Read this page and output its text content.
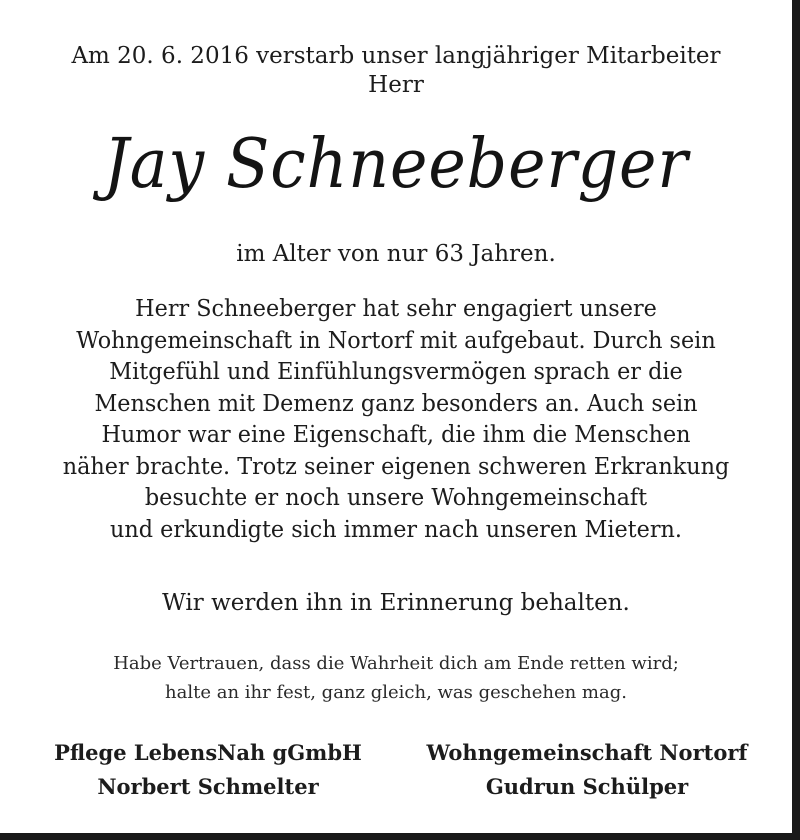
Am 20. 6. 2016 verstarb unser langjähriger Mitarbeiter
Herr
Jay Schneeberger
im Alter von nur 63 Jahren.
Herr Schneeberger hat sehr engagiert unsere
Wohngemeinschaft in Nortorf mit aufgebaut. Durch sein
Mitgefühl und Einfühlungsvermögen sprach er die
Menschen mit Demenz ganz besonders an. Auch sein
Humor war eine Eigenschaft, die ihm die Menschen
näher brachte. Trotz seiner eigenen schweren Erkrankung
besuchte er noch unsere Wohngemeinschaft
und erkundigte sich immer nach unseren Mietern.
Wir werden ihn in Erinnerung behalten.
Habe Vertrauen, dass die Wahrheit dich am Ende retten wird;
halte an ihr fest, ganz gleich, was geschehen mag.
Pflege LebensNah gGmbH
Norbert Schmelter
Wohngemeinschaft Nortorf
Gudrun Schülper
